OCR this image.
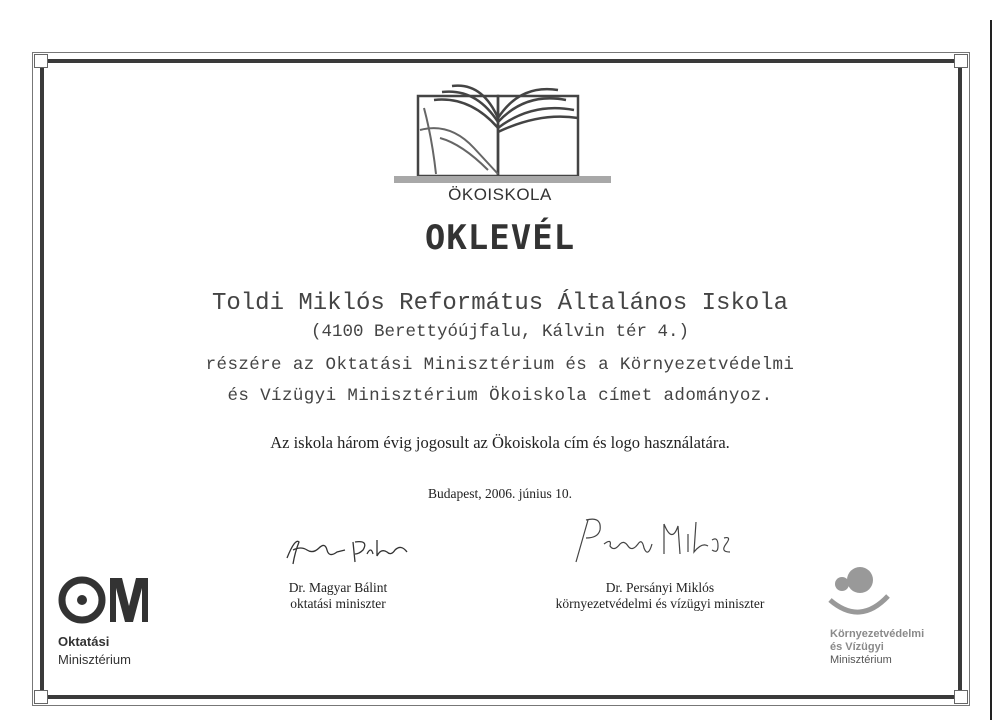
ÖKOISKOLA
OKLEVÉL
Toldi Miklós Református Általános Iskola
(4100 Berettyóújfalu, Kálvin tér 4.)
részére az Oktatási Minisztérium és a Környezetvédelmi
és Vízügyi Minisztérium Ökoiskola címet adományoz.
Az iskola három évig jogosult az Ökoiskola cím és logo használatára.
Budapest, 2006. június 10.
Dr. Magyar Bálint
oktatási miniszter
Dr. Persányi Miklós
környezetvédelmi és vízügyi miniszter
Oktatási
Minisztérium
Környezetvédelmi
és Vízügyi
Minisztérium
